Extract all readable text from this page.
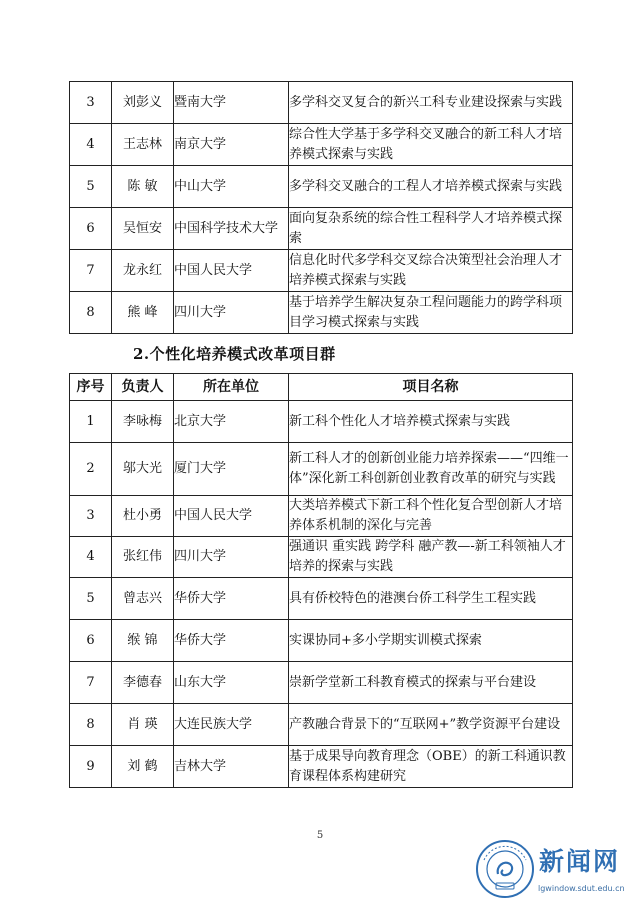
3	刘彭义	暨南大学	多学科交叉复合的新兴工科专业建设探索与实践
4	王志林	南京大学	综合性大学基于多学科交叉融合的新工科人才培养模式探索与实践
5	陈 敏	中山大学	多学科交叉融合的工程人才培养模式探索与实践
6	吴恒安	中国科学技术大学	面向复杂系统的综合性工程科学人才培养模式探索
7	龙永红	中国人民大学	信息化时代多学科交叉综合决策型社会治理人才培养模式探索与实践
8	熊 峰	四川大学	基于培养学生解决复杂工程问题能力的跨学科项目学习模式探索与实践
2.个性化培养模式改革项目群
序号	负责人	所在单位	项目名称
1	李咏梅	北京大学	新工科个性化人才培养模式探索与实践
2	邬大光	厦门大学	新工科人才的创新创业能力培养探索——“四维一体”深化新工科创新创业教育改革的研究与实践
3	杜小勇	中国人民大学	大类培养模式下新工科个性化复合型创新人才培养体系机制的深化与完善
4	张红伟	四川大学	强通识 重实践 跨学科 融产教—-新工科领袖人才培养的探索与实践
5	曾志兴	华侨大学	具有侨校特色的港澳台侨工科学生工程实践
6	缑 锦	华侨大学	实课协同+多小学期实训模式探索
7	李德春	山东大学	崇新学堂新工科教育模式的探索与平台建设
8	肖 瑛	大连民族大学	产教融合背景下的“互联网+”教学资源平台建设
9	刘 鹤	吉林大学	基于成果导向教育理念（OBE）的新工科通识教育课程体系构建研究
5
新闻网
lgwindow.sdut.edu.cn
